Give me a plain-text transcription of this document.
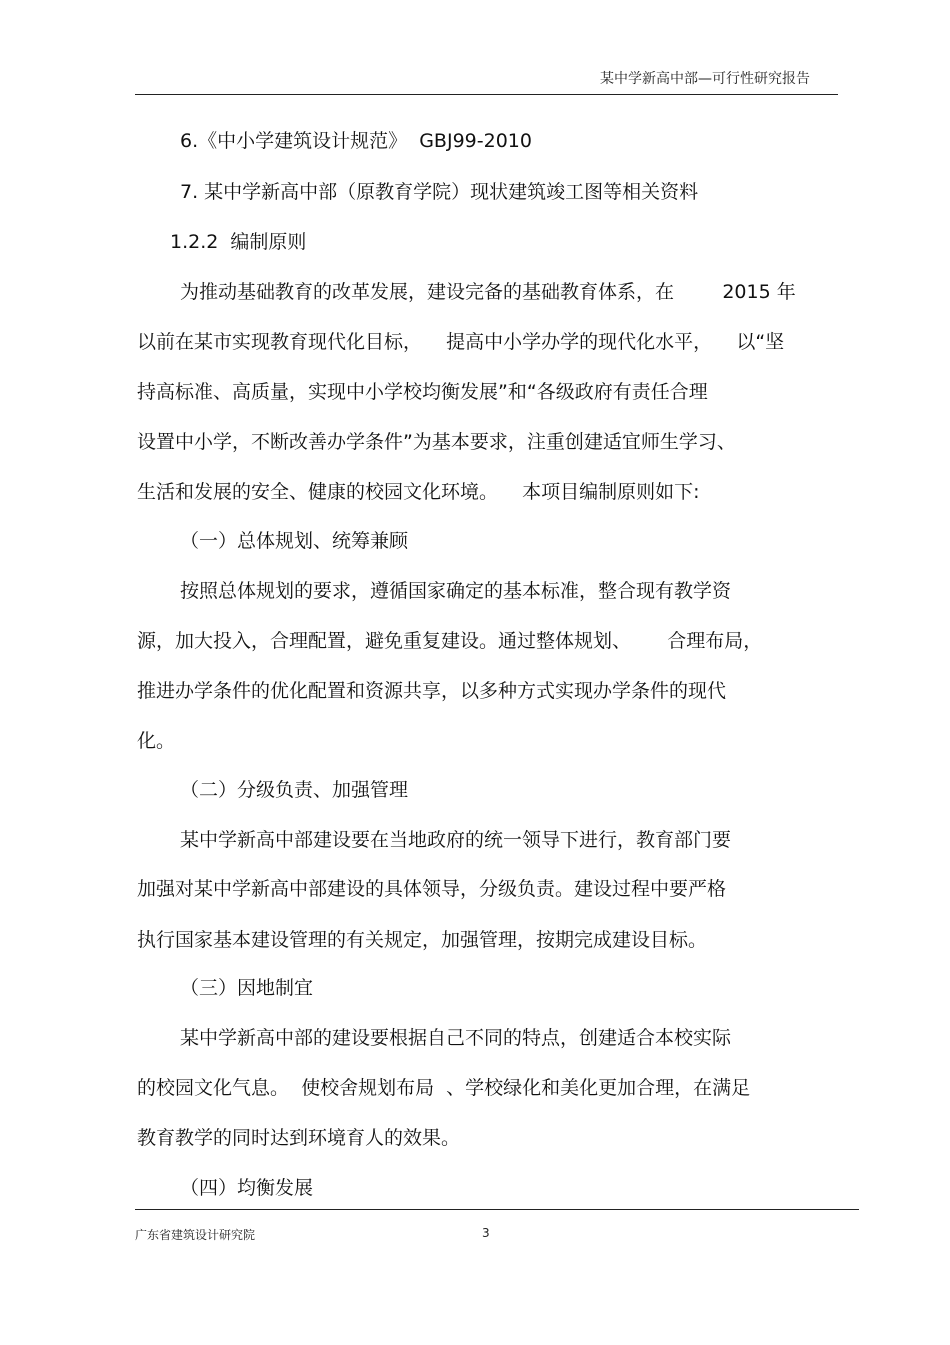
某中学新高中部—可行性研究报告
6.《中小学建筑设计规范》  GBJ99-2010
7. 某中学新高中部（原教育学院）现状建筑竣工图等相关资料
1.2.2  编制原则
为推动基础教育的改革发展，建设完备的基础教育体系，在        2015 年
以前在某市实现教育现代化目标，    提高中小学办学的现代化水平，    以“坚
持高标准、高质量，实现中小学校均衡发展”和“各级政府有责任合理
设置中小学，不断改善办学条件”为基本要求，注重创建适宜师生学习、
生活和发展的安全、健康的校园文化环境。    本项目编制原则如下:
（一）总体规划、统筹兼顾
按照总体规划的要求，遵循国家确定的基本标准，整合现有教学资
源，加大投入，合理配置，避免重复建设。通过整体规划、      合理布局，
推进办学条件的优化配置和资源共享，以多种方式实现办学条件的现代
化。
（二）分级负责、加强管理
某中学新高中部建设要在当地政府的统一领导下进行，教育部门要
加强对某中学新高中部建设的具体领导，分级负责。建设过程中要严格
执行国家基本建设管理的有关规定，加强管理，按期完成建设目标。
（三）因地制宜
某中学新高中部的建设要根据自己不同的特点，创建适合本校实际
的校园文化气息。  使校舍规划布局  、学校绿化和美化更加合理，在满足
教育教学的同时达到环境育人的效果。
（四）均衡发展
广东省建筑设计研究院	3
